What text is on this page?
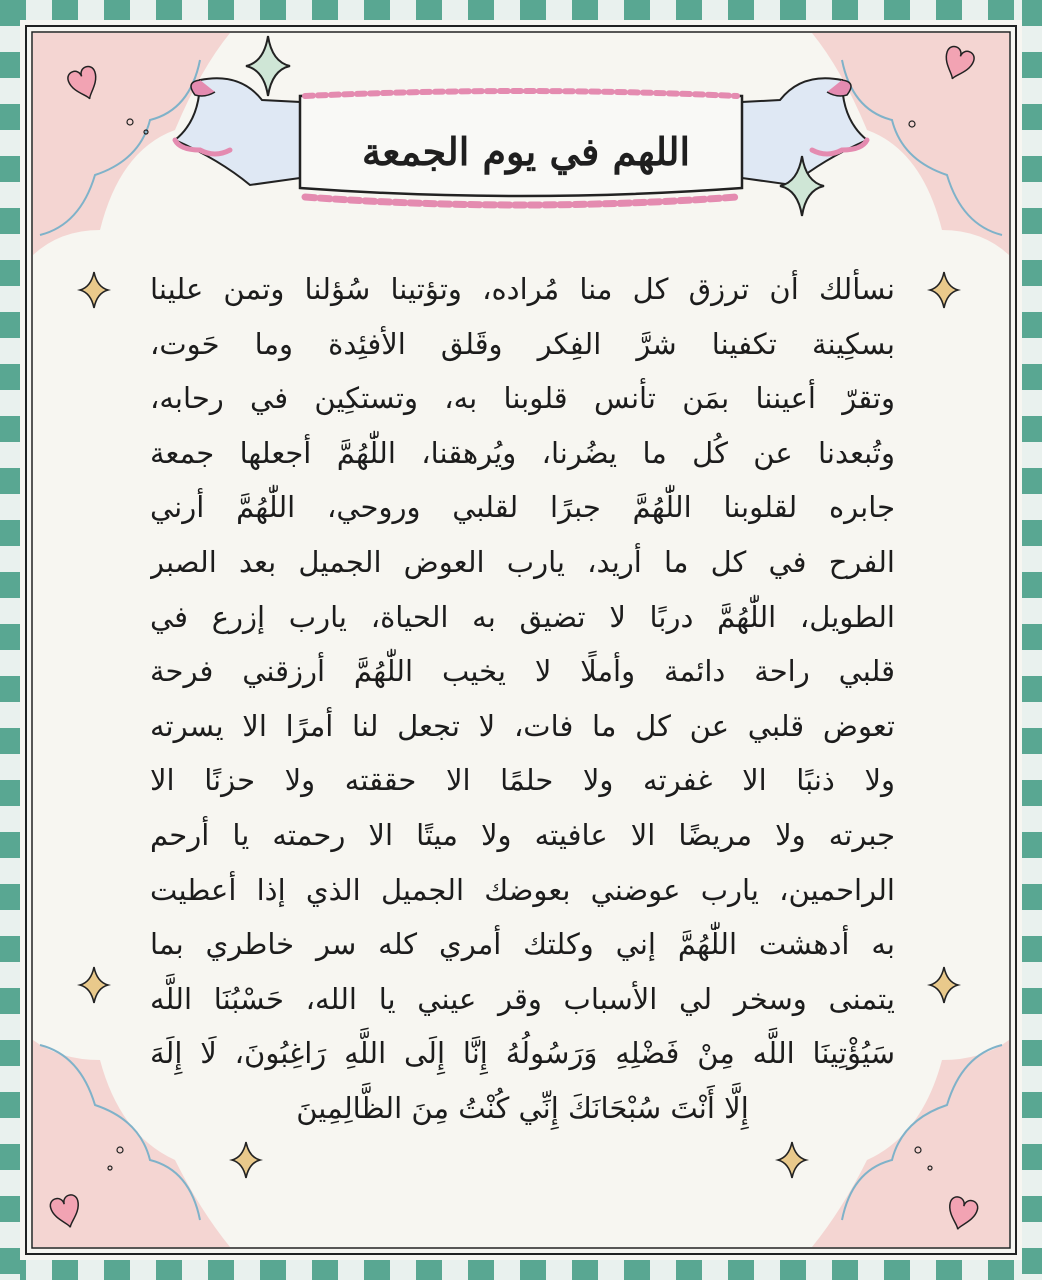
اللهم في يوم الجمعة
نسألك أن ترزق كل منا مُراده، وتؤتينا سُؤلنا وتمن علينا
بسكِينة تكفينا شرَّ الفِكر وقَلق الأفئِدة وما حَوت،
وتقرّ أعيننا بمَن تأنس قلوبنا به، وتستكِين في رحابه،
وتُبعدنا عن كُل ما يضُرنا، ويُرهقنا، اللّٰهُمَّ أجعلها جمعة
جابره لقلوبنا اللّٰهُمَّ جبرًا لقلبي وروحي، اللّٰهُمَّ أرني
الفرح في كل ما أريد، يارب العوض الجميل بعد الصبر
الطويل، اللّٰهُمَّ دربًا لا تضيق به الحياة، يارب إزرع في
قلبي راحة دائمة وأملًا لا يخيب اللّٰهُمَّ أرزقني فرحة
تعوض قلبي عن كل ما فات، لا تجعل لنا أمرًا الا يسرته
ولا ذنبًا الا غفرته ولا حلمًا الا حققته ولا حزنًا الا
جبرته ولا مريضًا الا عافيته ولا ميتًا الا رحمته يا أرحم
الراحمين، يارب عوضني بعوضك الجميل الذي إذا أعطيت
به أدهشت اللّٰهُمَّ إني وكلتك أمري كله سر خاطري بما
يتمنى وسخر لي الأسباب وقر عيني يا الله، حَسْبُنَا اللَّه
سَيُؤْتِينَا اللَّه مِنْ فَضْلِهِ وَرَسُولُهُ إِنَّا إِلَى اللَّهِ رَاغِبُونَ، لَا إِلَهَ
إِلَّا أَنْتَ سُبْحَانَكَ إِنِّي كُنْتُ مِنَ الظَّالِمِينَ
